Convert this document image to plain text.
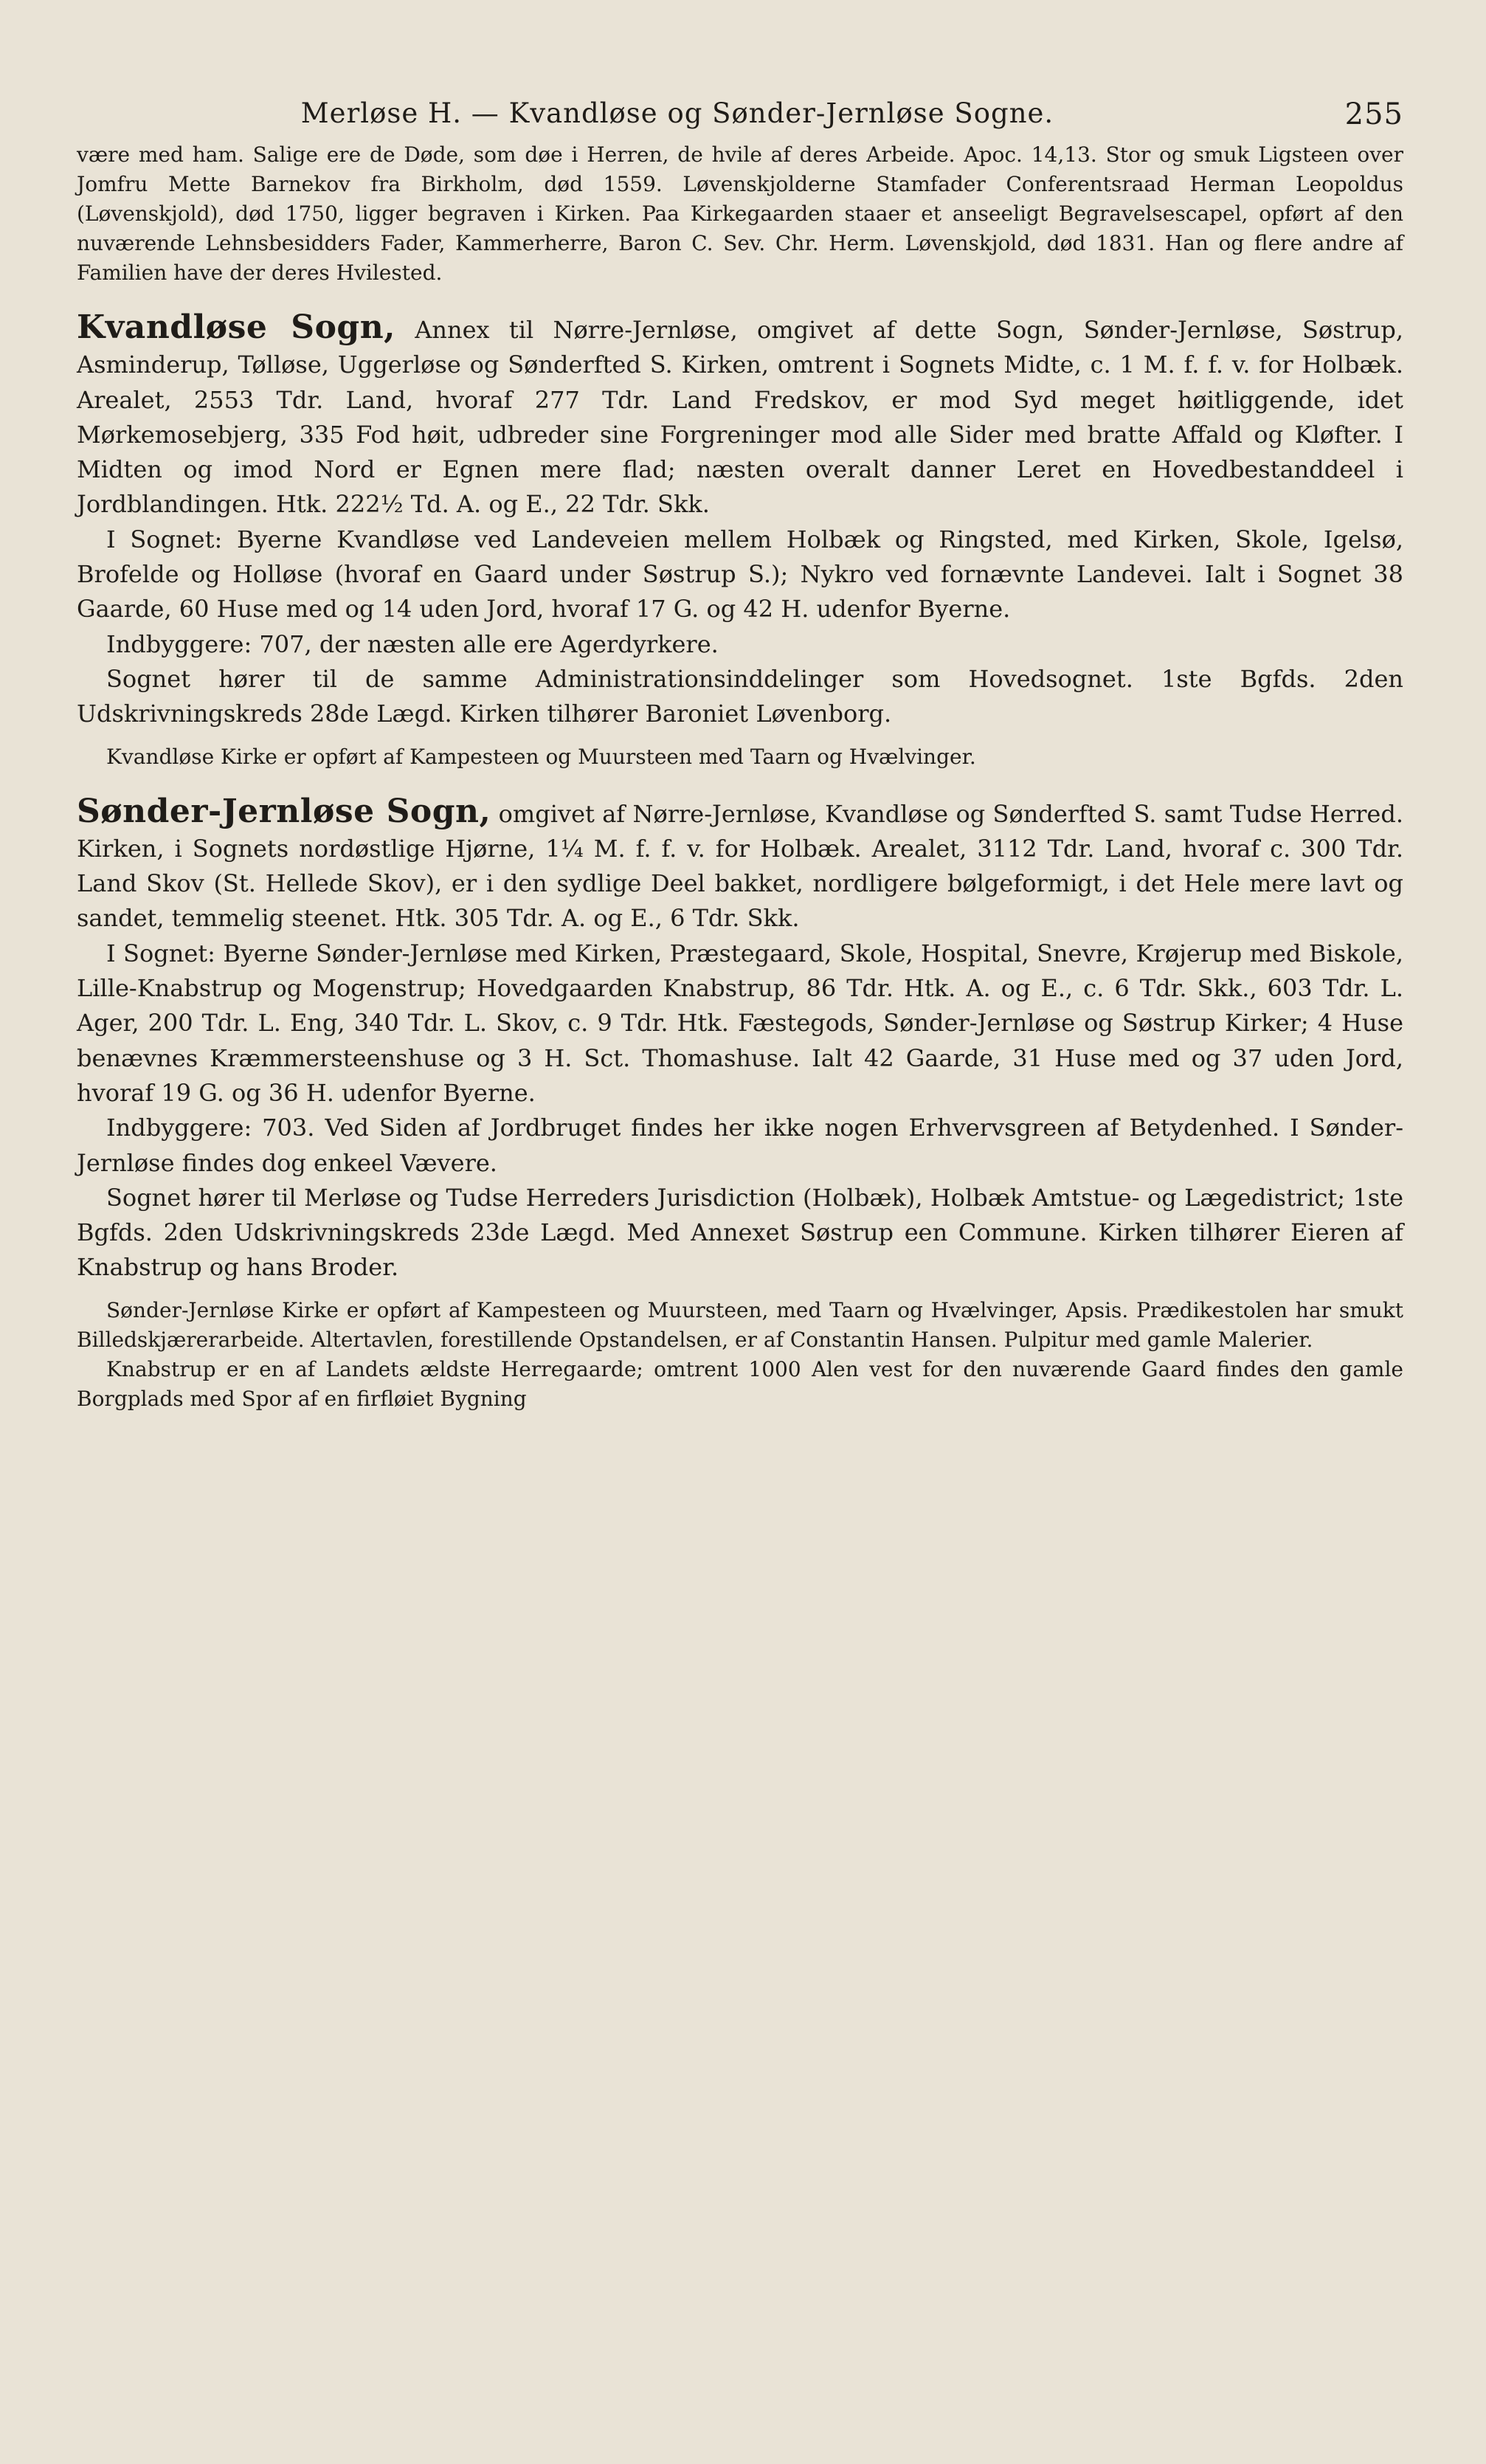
Merløse H. — Kvandløse og Sønder-Jernløse Sogne.	255

være med ham. Salige ere de Døde, som døe i Herren, de hvile af deres Arbeide. Apoc. 14,13. Stor og smuk Ligsteen over Jomfru Mette Barnekov fra Birkholm, død 1559. Løvenskjolderne Stamfader Conferentsraad Herman Leopoldus (Løvenskjold), død 1750, ligger begraven i Kirken. Paa Kirkegaarden staaer et anseeligt Begravelsescapel, opført af den nuværende Lehnsbesidders Fader, Kammerherre, Baron C. Sev. Chr. Herm. Løvenskjold, død 1831. Han og flere andre af Familien have der deres Hvilested.

Kvandløse Sogn, Annex til Nørre-Jernløse, omgivet af dette Sogn, Sønder-Jernløse, Søstrup, Asminderup, Tølløse, Uggerløse og Sønderfted S. Kirken, omtrent i Sognets Midte, c. 1 M. f. f. v. for Holbæk. Arealet, 2553 Tdr. Land, hvoraf 277 Tdr. Land Fredskov, er mod Syd meget høitliggende, idet Mørkemosebjerg, 335 Fod høit, udbreder sine Forgreninger mod alle Sider med bratte Affald og Kløfter. I Midten og imod Nord er Egnen mere flad; næsten overalt danner Leret en Hovedbestanddeel i Jordblandingen. Htk. 222½ Td. A. og E., 22 Tdr. Skk.

I Sognet: Byerne Kvandløse ved Landeveien mellem Holbæk og Ringsted, med Kirken, Skole, Igelsø, Brofelde og Holløse (hvoraf en Gaard under Søstrup S.); Nykro ved fornævnte Landevei. Ialt i Sognet 38 Gaarde, 60 Huse med og 14 uden Jord, hvoraf 17 G. og 42 H. udenfor Byerne.

Indbyggere: 707, der næsten alle ere Agerdyrkere.

Sognet hører til de samme Administrationsinddelinger som Hovedsognet. 1ste Bgfds. 2den Udskrivningskreds 28de Lægd. Kirken tilhører Baroniet Løvenborg.

Kvandløse Kirke er opført af Kampesteen og Muursteen med Taarn og Hvælvinger.

Sønder-Jernløse Sogn, omgivet af Nørre-Jernløse, Kvandløse og Sønderfted S. samt Tudse Herred. Kirken, i Sognets nordøstlige Hjørne, 1¼ M. f. f. v. for Holbæk. Arealet, 3112 Tdr. Land, hvoraf c. 300 Tdr. Land Skov (St. Hellede Skov), er i den sydlige Deel bakket, nordligere bølgeformigt, i det Hele mere lavt og sandet, temmelig steenet. Htk. 305 Tdr. A. og E., 6 Tdr. Skk.

I Sognet: Byerne Sønder-Jernløse med Kirken, Præstegaard, Skole, Hospital, Snevre, Krøjerup med Biskole, Lille-Knabstrup og Mogenstrup; Hovedgaarden Knabstrup, 86 Tdr. Htk. A. og E., c. 6 Tdr. Skk., 603 Tdr. L. Ager, 200 Tdr. L. Eng, 340 Tdr. L. Skov, c. 9 Tdr. Htk. Fæstegods, Sønder-Jernløse og Søstrup Kirker; 4 Huse benævnes Kræmmersteenshuse og 3 H. Sct. Thomashuse. Ialt 42 Gaarde, 31 Huse med og 37 uden Jord, hvoraf 19 G. og 36 H. udenfor Byerne.

Indbyggere: 703. Ved Siden af Jordbruget findes her ikke nogen Erhvervsgreen af Betydenhed. I Sønder-Jernløse findes dog enkeel Vævere.

Sognet hører til Merløse og Tudse Herreders Jurisdiction (Holbæk), Holbæk Amtstue- og Lægedistrict; 1ste Bgfds. 2den Udskrivningskreds 23de Lægd. Med Annexet Søstrup een Commune. Kirken tilhører Eieren af Knabstrup og hans Broder.

Sønder-Jernløse Kirke er opført af Kampesteen og Muursteen, med Taarn og Hvælvinger, Apsis. Prædikestolen har smukt Billedskjærerarbeide. Altertavlen, forestillende Opstandelsen, er af Constantin Hansen. Pulpitur med gamle Malerier.

Knabstrup er en af Landets ældste Herregaarde; omtrent 1000 Alen vest for den nuværende Gaard findes den gamle Borgplads med Spor af en firfløiet Bygning
